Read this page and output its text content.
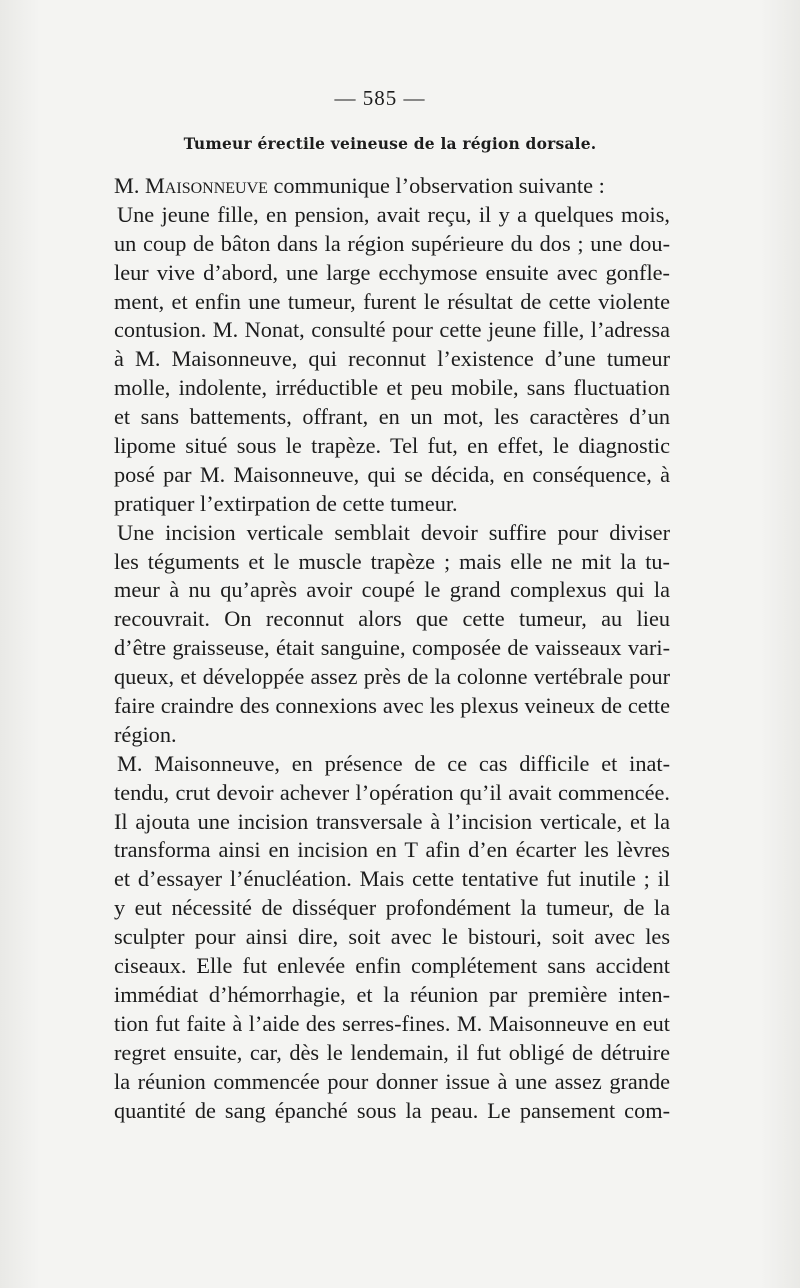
— 585 —
Tumeur érectile veineuse de la région dorsale.
M. Maisonneuve communique l’observation suivante :
Une jeune fille, en pension, avait reçu, il y a quelques mois,
un coup de bâton dans la région supérieure du dos ; une dou-
leur vive d’abord, une large ecchymose ensuite avec gonfle-
ment, et enfin une tumeur, furent le résultat de cette violente
contusion. M. Nonat, consulté pour cette jeune fille, l’adressa
à M. Maisonneuve, qui reconnut l’existence d’une tumeur
molle, indolente, irréductible et peu mobile, sans fluctuation
et sans battements, offrant, en un mot, les caractères d’un
lipome situé sous le trapèze. Tel fut, en effet, le diagnostic
posé par M. Maisonneuve, qui se décida, en conséquence, à
pratiquer l’extirpation de cette tumeur.
Une incision verticale semblait devoir suffire pour diviser
les téguments et le muscle trapèze ; mais elle ne mit la tu-
meur à nu qu’après avoir coupé le grand complexus qui la
recouvrait. On reconnut alors que cette tumeur, au lieu
d’être graisseuse, était sanguine, composée de vaisseaux vari-
queux, et développée assez près de la colonne vertébrale pour
faire craindre des connexions avec les plexus veineux de cette
région.
M. Maisonneuve, en présence de ce cas difficile et inat-
tendu, crut devoir achever l’opération qu’il avait commencée.
Il ajouta une incision transversale à l’incision verticale, et la
transforma ainsi en incision en T afin d’en écarter les lèvres
et d’essayer l’énucléation. Mais cette tentative fut inutile ; il
y eut nécessité de disséquer profondément la tumeur, de la
sculpter pour ainsi dire, soit avec le bistouri, soit avec les
ciseaux. Elle fut enlevée enfin complétement sans accident
immédiat d’hémorrhagie, et la réunion par première inten-
tion fut faite à l’aide des serres-fines. M. Maisonneuve en eut
regret ensuite, car, dès le lendemain, il fut obligé de détruire
la réunion commencée pour donner issue à une assez grande
quantité de sang épanché sous la peau. Le pansement com-
